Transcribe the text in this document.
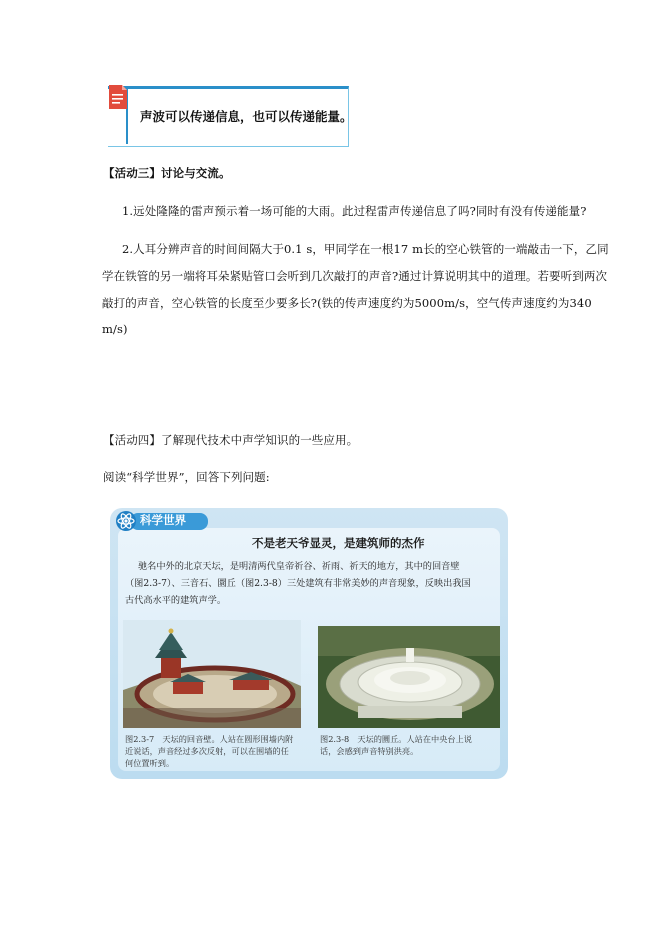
声波可以传递信息，也可以传递能量。
【活动三】讨论与交流。
1.远处隆隆的雷声预示着一场可能的大雨。此过程雷声传递信息了吗?同时有没有传递能量?
2.人耳分辨声音的时间间隔大于0.1 s，甲同学在一根17 m长的空心铁管的一端敲击一下，乙同
学在铁管的另一端将耳朵紧贴管口会听到几次敲打的声音?通过计算说明其中的道理。若要听到两次
敲打的声音，空心铁管的长度至少要多长?(铁的传声速度约为5000m/s，空气传声速度约为340
m/s)
【活动四】了解现代技术中声学知识的一些应用。
阅读“科学世界”，回答下列问题:
科学世界
不是老天爷显灵，是建筑师的杰作
驰名中外的北京天坛，是明清两代皇帝祈谷、祈雨、祈天的地方，其中的回音壁
（图2.3-7）、三音石、圜丘（图2.3-8）三处建筑有非常美妙的声音现象，反映出我国
古代高水平的建筑声学。
图2.3-7　天坛的回音壁。人站在圆形围墙内附
近说话，声音经过多次反射，可以在围墙的任
何位置听到。
图2.3-8　天坛的圜丘。人站在中央台上说
话，会感到声音特别洪亮。
